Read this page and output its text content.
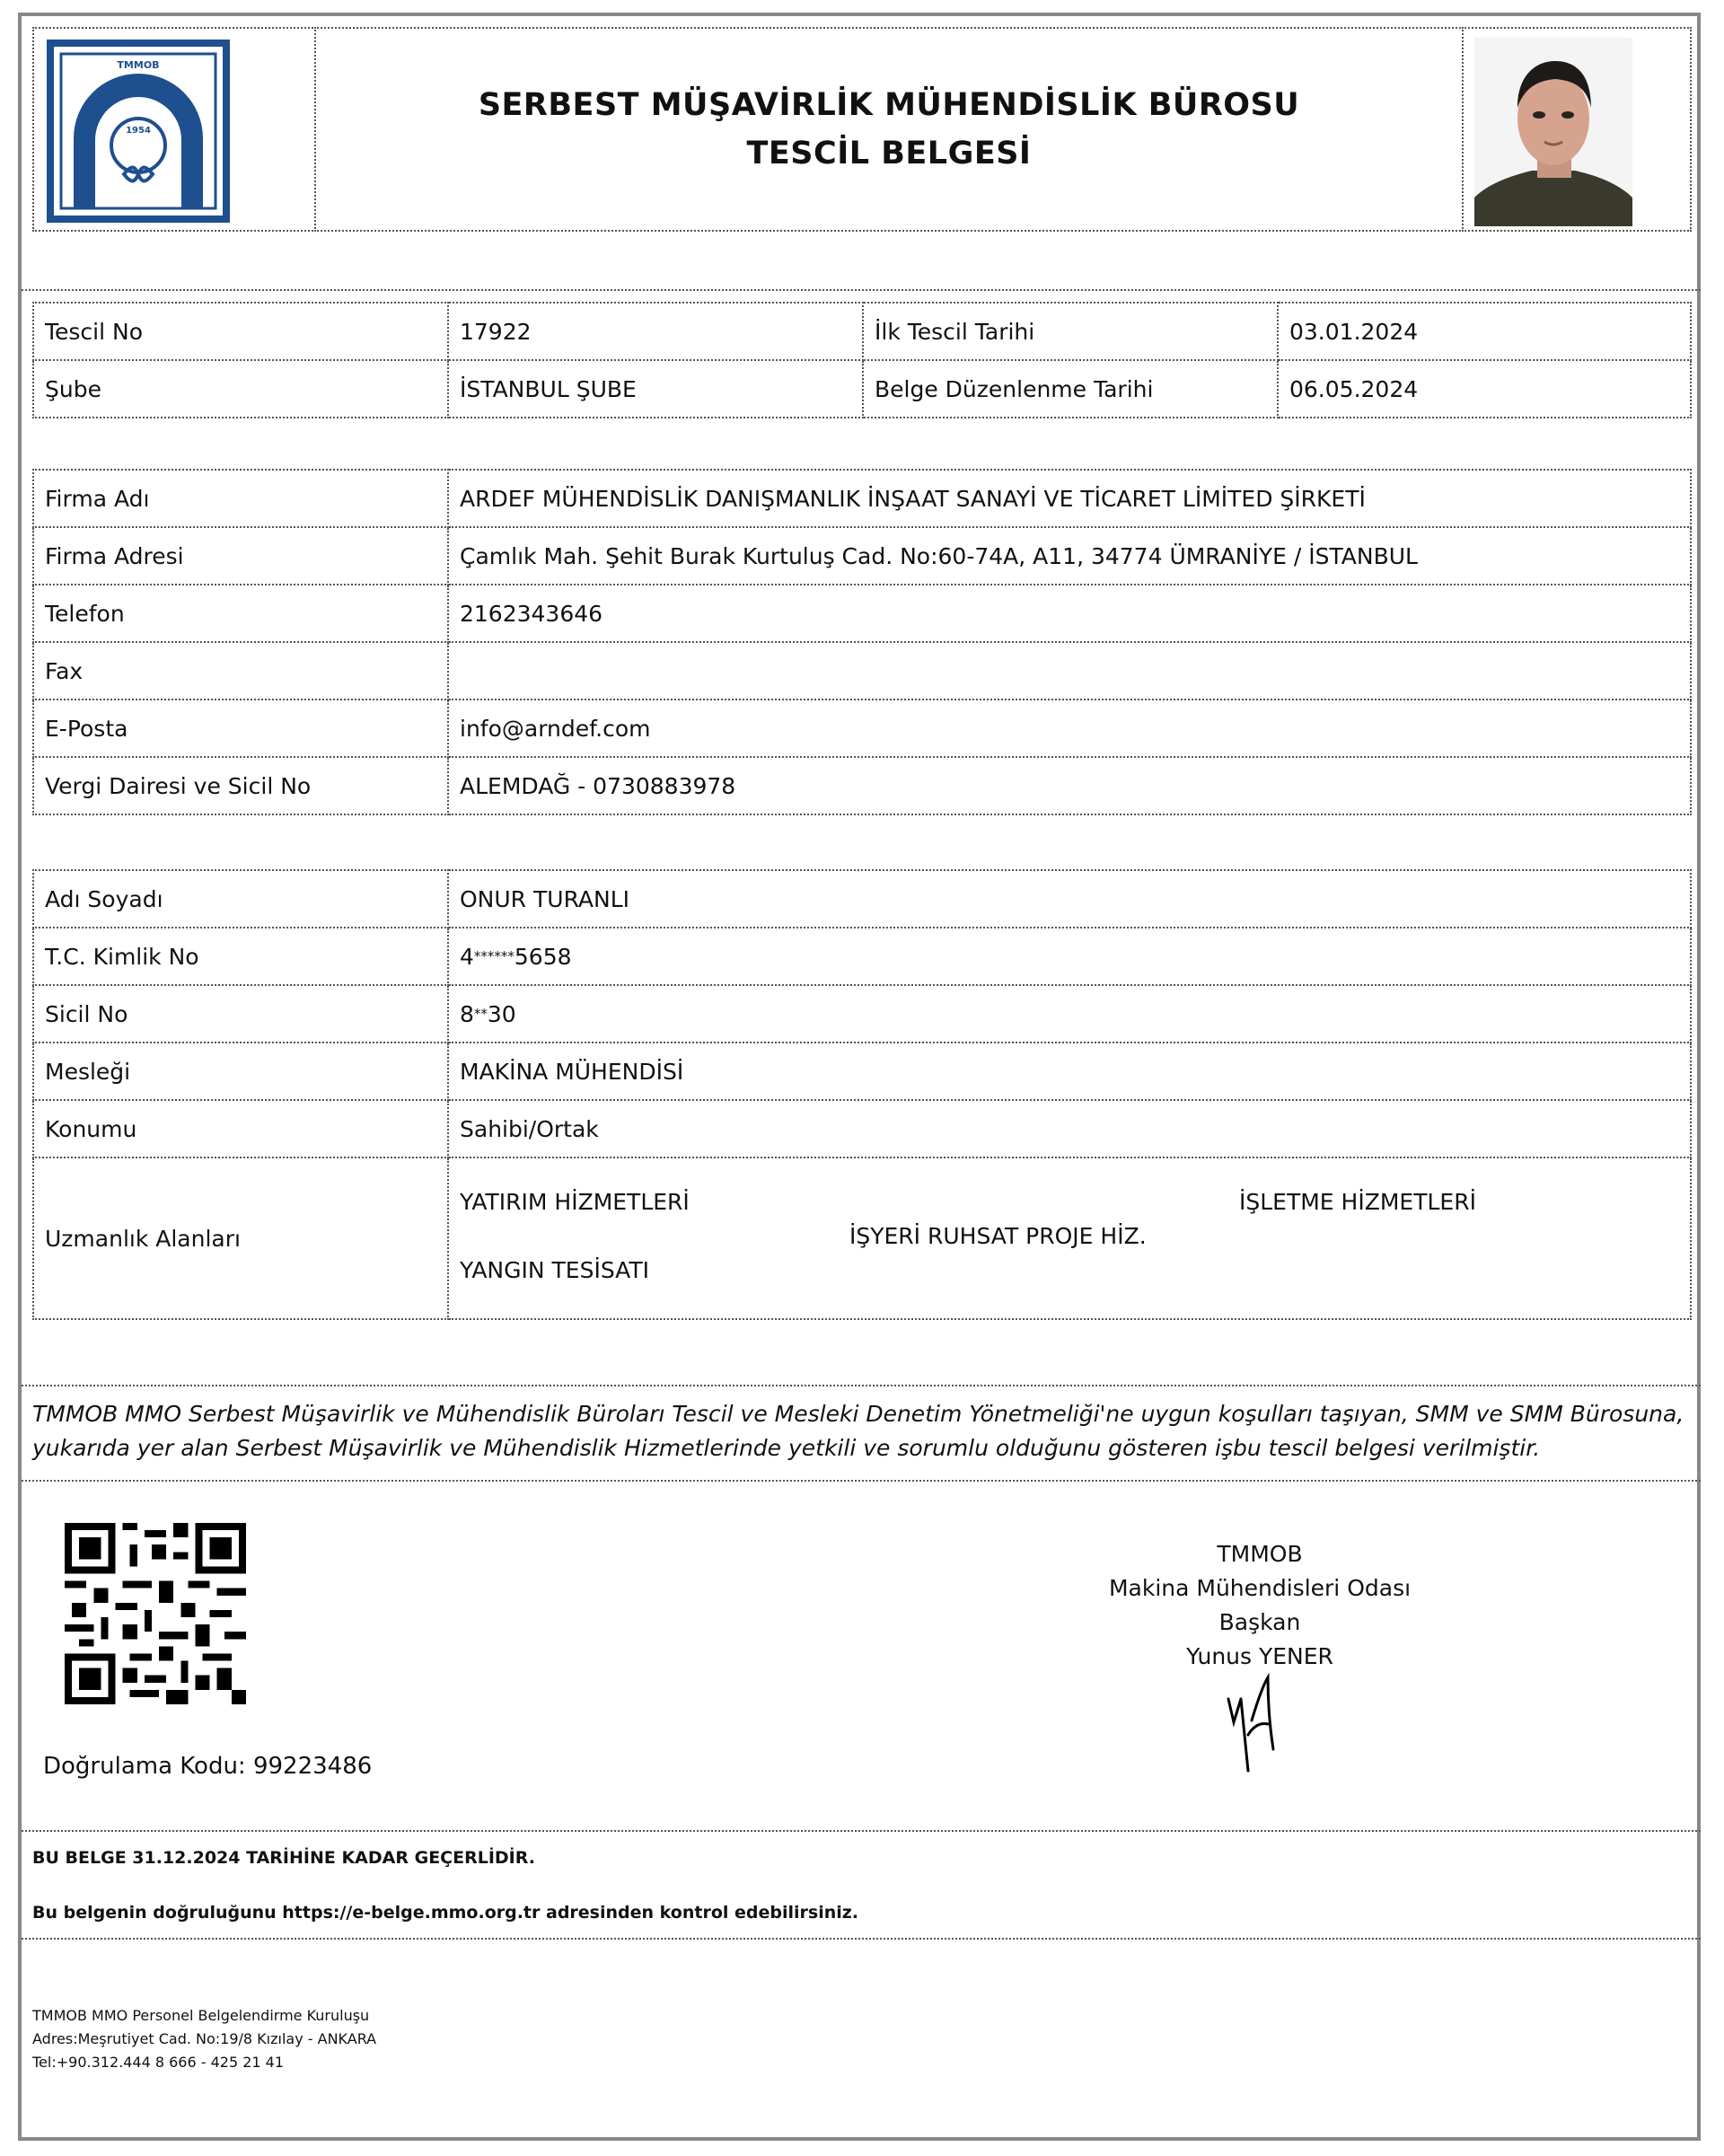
1954
TMMOB
MAKİNA MÜHENDİSLERİ ODASI
SERBEST MÜŞAVİRLİK MÜHENDİSLİK BÜROSU
TESCİL BELGESİ
Tescil No	17922	İlk Tescil Tarihi	03.01.2024
Şube	İSTANBUL ŞUBE	Belge Düzenlenme Tarihi	06.05.2024
Firma Adı	ARDEF MÜHENDİSLİK DANIŞMANLIK İNŞAAT SANAYİ VE TİCARET LİMİTED ŞİRKETİ
Firma Adresi	Çamlık Mah. Şehit Burak Kurtuluş Cad. No:60-74A, A11, 34774 ÜMRANİYE / İSTANBUL
Telefon	2162343646
Fax	
E-Posta	info@arndef.com
Vergi Dairesi ve Sicil No	ALEMDAĞ - 0730883978
Adı Soyadı	ONUR TURANLI
T.C. Kimlik No	4******5658
Sicil No	8**30
Mesleği	MAKİNA MÜHENDİSİ
Konumu	Sahibi/Ortak
Uzmanlık Alanları	YATIRIM HİZMETLERİ İŞLETME HİZMETLERİ
İŞYERİ RUHSAT PROJE HİZ.
YANGIN TESİSATI
TMMOB MMO Serbest Müşavirlik ve Mühendislik Büroları Tescil ve Mesleki Denetim Yönetmeliği'ne uygun koşulları taşıyan, SMM ve SMM Bürosuna, yukarıda yer alan Serbest Müşavirlik ve Mühendislik Hizmetlerinde yetkili ve sorumlu olduğunu gösteren işbu tescil belgesi verilmiştir.
Doğrulama Kodu: 99223486
TMMOB
Makina Mühendisleri Odası
Başkan
Yunus YENER
BU BELGE 31.12.2024 TARİHİNE KADAR GEÇERLİDİR.
Bu belgenin doğruluğunu https://e-belge.mmo.org.tr adresinden kontrol edebilirsiniz.
TMMOB MMO Personel Belgelendirme Kuruluşu
Adres:Meşrutiyet Cad. No:19/8 Kızılay - ANKARA
Tel:+90.312.444 8 666 - 425 21 41
